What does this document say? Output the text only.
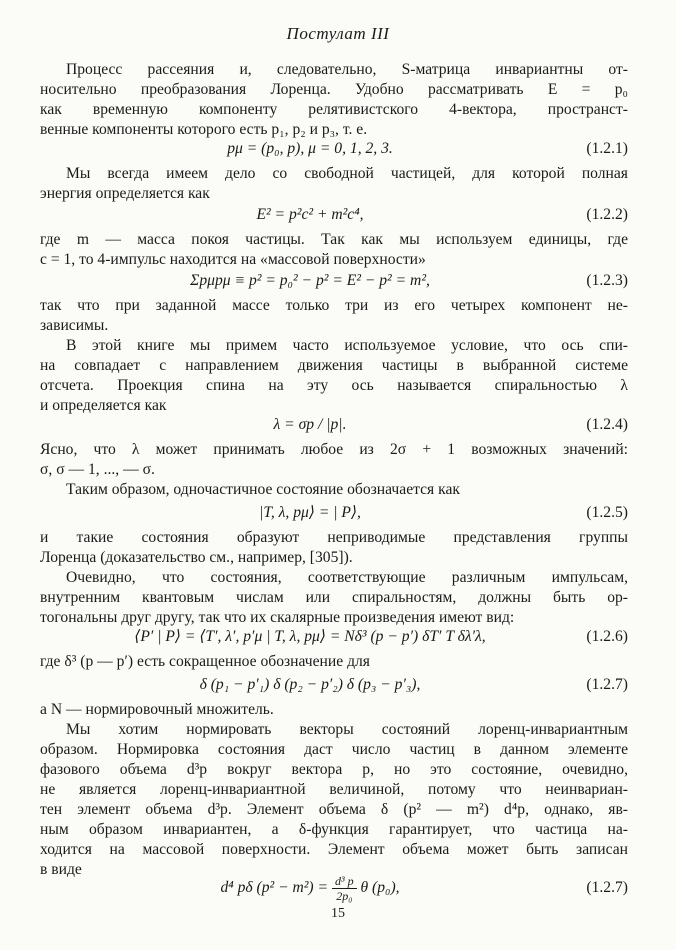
Постулат III
Процесс рассеяния и, следовательно, S-матрица инвариантны от-
носительно преобразования Лоренца. Удобно рассматривать E = p₀
как временную компоненту релятивистского 4-вектора, пространст-
венные компоненты которого есть p₁, p₂ и p₃, т. е.
pμ = (p₀, p), μ = 0, 1, 2, 3.	(1.2.1)
Мы всегда имеем дело со свободной частицей, для которой полная
энергия определяется как
E² = p²c² + m²c⁴,	(1.2.2)
где m — масса покоя частицы. Так как мы используем единицы, где
c = 1, то 4-импульс находится на «массовой поверхности»
Σpμpμ ≡ p² = p₀² − p² = E² − p² = m²,	(1.2.3)
так что при заданной массе только три из его четырех компонент не-
зависимы.
В этой книге мы примем часто используемое условие, что ось спи-
на совпадает с направлением движения частицы в выбранной системе
отсчета. Проекция спина на эту ось называется спиральностью λ
и определяется как
λ = σp / |p|.	(1.2.4)
Ясно, что λ может принимать любое из 2σ + 1 возможных значений:
σ, σ — 1, ..., — σ.
Таким образом, одночастичное состояние обозначается как
|T, λ, pμ⟩ = | P⟩,	(1.2.5)
и такие состояния образуют неприводимые представления группы
Лоренца (доказательство см., например, [305]).
Очевидно, что состояния, соответствующие различным импульсам,
внутренним квантовым числам или спиральностям, должны быть ор-
тогональны друг другу, так что их скалярные произведения имеют вид:
⟨P′ | P⟩ = ⟨T′, λ′, p′μ | T, λ, pμ⟩ = Nδ³ (p − p′) δT′ T δλ′λ,	(1.2.6)
где δ³ (p — p′) есть сокращенное обозначение для
δ (p₁ − p′₁) δ (p₂ − p′₂) δ (p₃ − p′₃),	(1.2.7)
а N — нормировочный множитель.
Мы хотим нормировать векторы состояний лоренц-инвариантным
образом. Нормировка состояния даст число частиц в данном элементе
фазового объема d³p вокруг вектора p, но это состояние, очевидно,
не является лоренц-инвариантной величиной, потому что неинвариан-
тен элемент объема d³p. Элемент объема δ (p² — m²) d⁴p, однако, яв-
ным образом инвариантен, а δ-функция гарантирует, что частица на-
ходится на массовой поверхности. Элемент объема может быть записан
в виде
d⁴ pδ $(p^2 - m^2) = \frac{\text{d³ p}}{\text{2p₀}}$ θ (p₀),	(1.2.7)
15
